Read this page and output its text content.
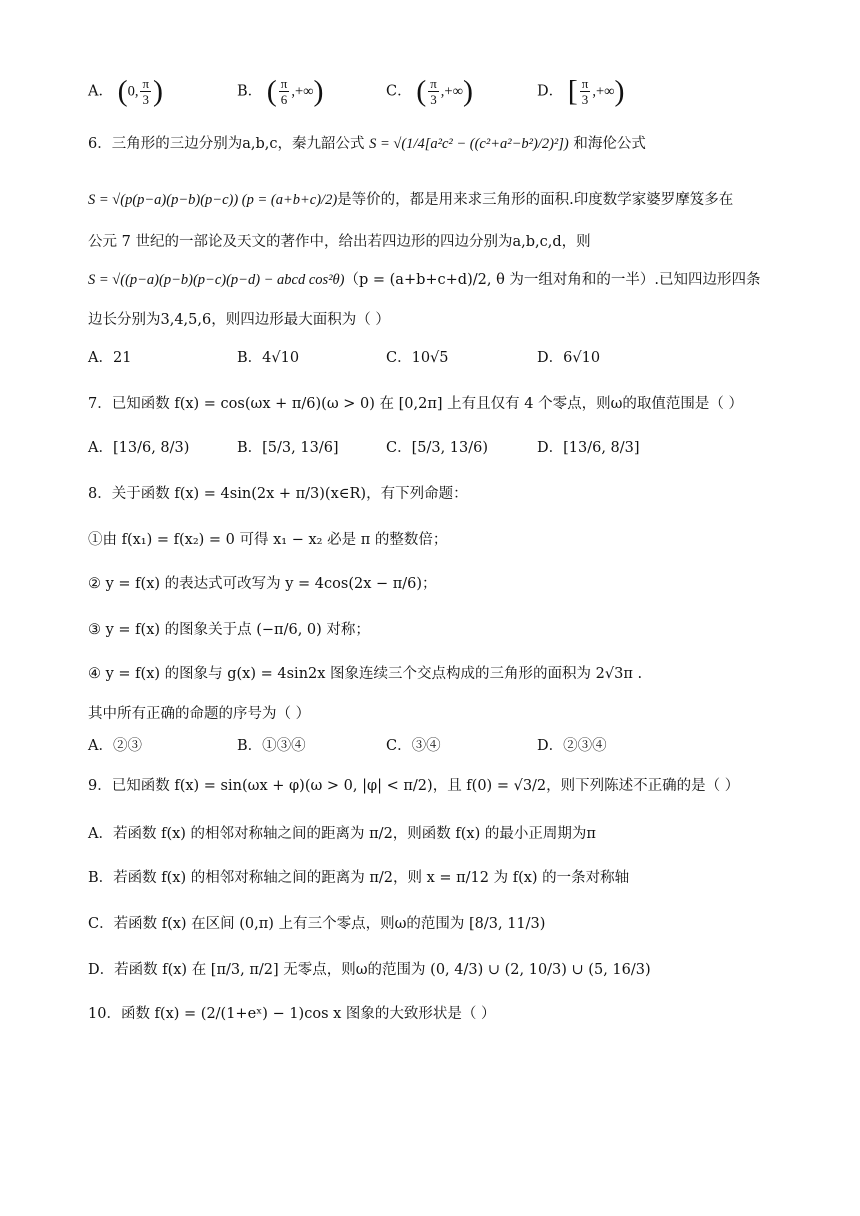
A． (0, $\frac{\pi}{3}$ )	B． ( $\frac{\pi}{6}$ ,+∞)	C． ( $\frac{\pi}{3}$ ,+∞)	D． [ $\frac{\pi}{3}$ ,+∞)
6．三角形的三边分别为a,b,c，秦九韶公式 S = √(1/4[a²c² − ((c²+a²−b²)/2)²]) 和海伦公式
S = √(p(p−a)(p−b)(p−c)) (p = (a+b+c)/2)是等价的，都是用来求三角形的面积.印度数学家婆罗摩笈多在
公元 7 世纪的一部论及天文的著作中，给出若四边形的四边分别为a,b,c,d，则
S = √((p−a)(p−b)(p−c)(p−d) − abcd cos²θ)（p = (a+b+c+d)/2, θ 为一组对角和的一半）.已知四边形四条
边长分别为3,4,5,6，则四边形最大面积为（ ）
A．21	B．4√10	C．10√5	D．6√10
7．已知函数 f(x) = cos(ωx + π/6)(ω > 0) 在 [0,2π] 上有且仅有 4 个零点，则ω的取值范围是（ ）
A．[13/6, 8/3)	B．[5/3, 13/6]	C．[5/3, 13/6)	D．[13/6, 8/3]
8．关于函数 f(x) = 4sin(2x + π/3)(x∈R)，有下列命题：
①由 f(x₁) = f(x₂) = 0 可得 x₁ − x₂ 必是 π 的整数倍；
② y = f(x) 的表达式可改写为 y = 4cos(2x − π/6)；
③ y = f(x) 的图象关于点 (−π/6, 0) 对称；
④ y = f(x) 的图象与 g(x) = 4sin2x 图象连续三个交点构成的三角形的面积为 2√3π .
其中所有正确的命题的序号为（ ）
A．②③	B．①③④	C．③④	D．②③④
9．已知函数 f(x) = sin(ωx + φ)(ω > 0, |φ| < π/2)，且 f(0) = √3/2，则下列陈述不正确的是（ ）
A．若函数 f(x) 的相邻对称轴之间的距离为 π/2，则函数 f(x) 的最小正周期为π
B．若函数 f(x) 的相邻对称轴之间的距离为 π/2，则 x = π/12 为 f(x) 的一条对称轴
C．若函数 f(x) 在区间 (0,π) 上有三个零点，则ω的范围为 [8/3, 11/3)
D．若函数 f(x) 在 [π/3, π/2] 无零点，则ω的范围为 (0, 4/3) ∪ (2, 10/3) ∪ (5, 16/3)
10．函数 f(x) = (2/(1+eˣ) − 1)cos x 图象的大致形状是（ ）
